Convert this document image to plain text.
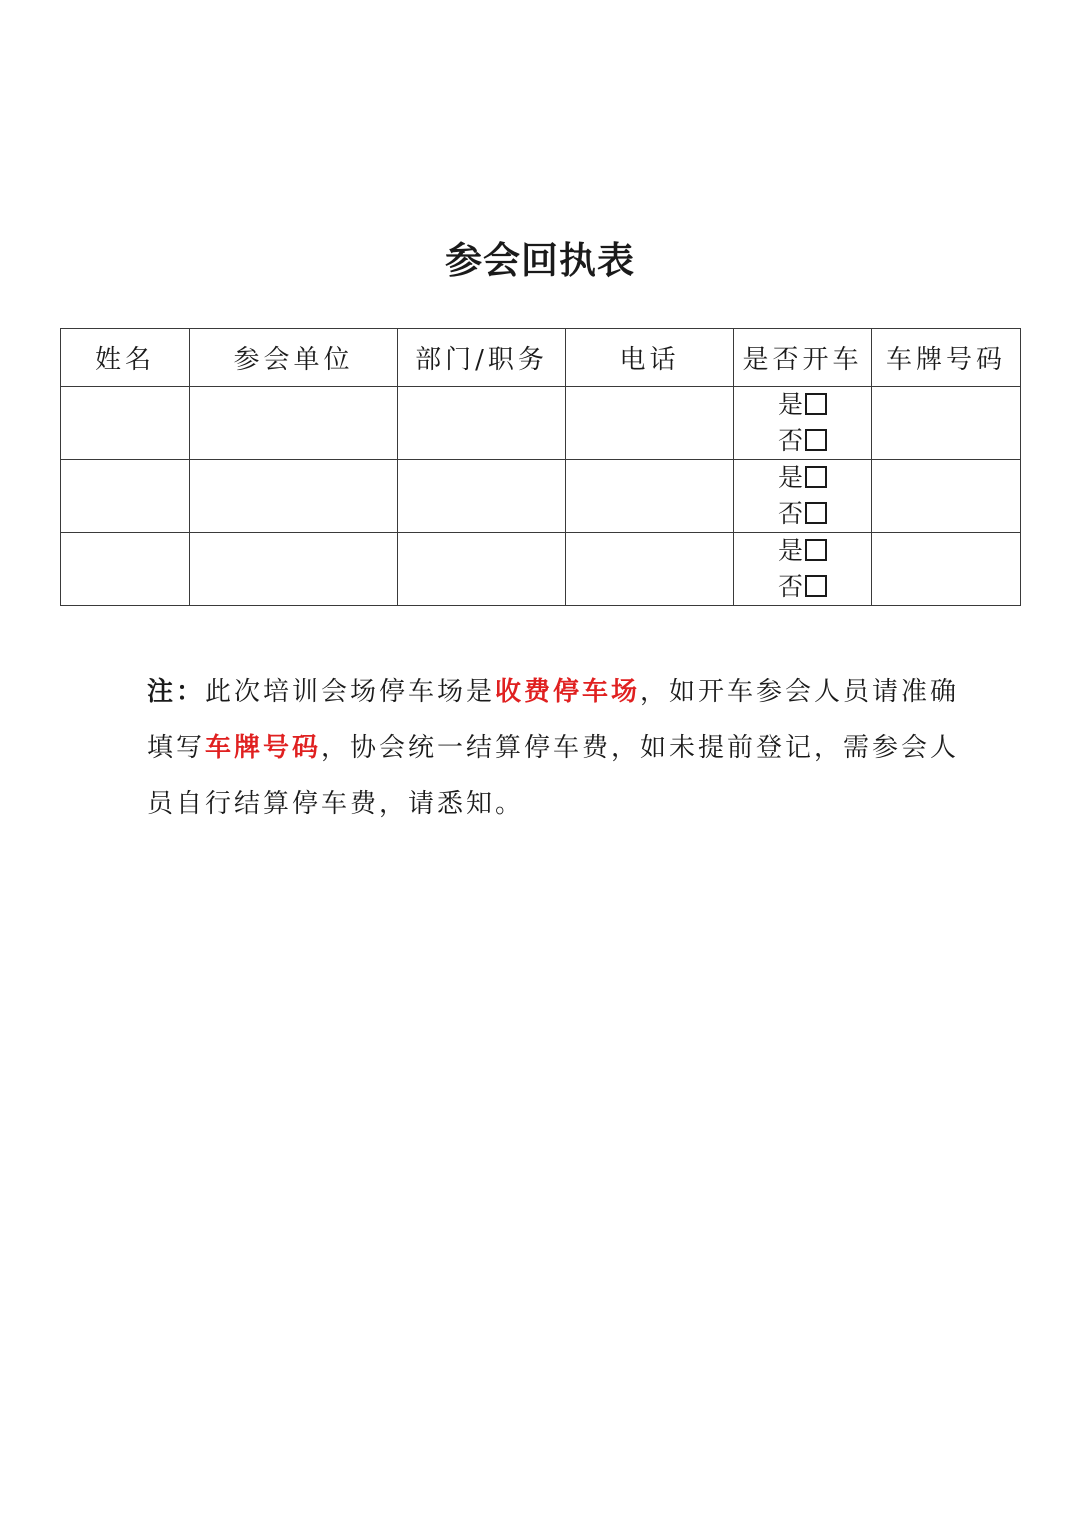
参会回执表
姓名	参会单位	部门/职务	电话	是否开车	车牌号码

				是
否	

				是
否	

				是
否	

注：此次培训会场停车场是收费停车场，如开车参会人员请准确
填写车牌号码，协会统一结算停车费，如未提前登记，需参会人
员自行结算停车费，请悉知。
